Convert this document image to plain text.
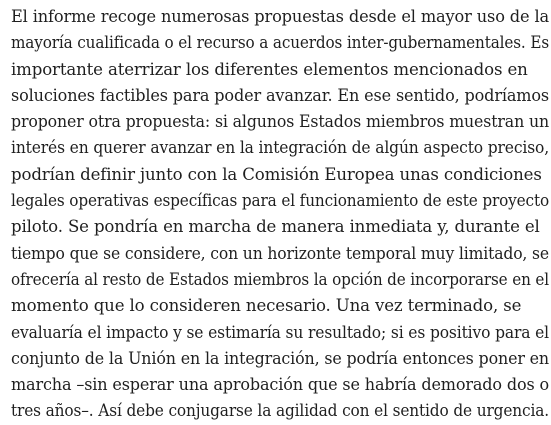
El informe recoge numerosas propuestas desde el mayor uso de la
mayoría cualificada o el recurso a acuerdos inter-gubernamentales. Es
importante aterrizar los diferentes elementos mencionados en
soluciones factibles para poder avanzar. En ese sentido, podríamos
proponer otra propuesta: si algunos Estados miembros muestran un
interés en querer avanzar en la integración de algún aspecto preciso,
podrían definir junto con la Comisión Europea unas condiciones
legales operativas específicas para el funcionamiento de este proyecto
piloto. Se pondría en marcha de manera inmediata y, durante el
tiempo que se considere, con un horizonte temporal muy limitado, se
ofrecería al resto de Estados miembros la opción de incorporarse en el
momento que lo consideren necesario. Una vez terminado, se
evaluaría el impacto y se estimaría su resultado; si es positivo para el
conjunto de la Unión en la integración, se podría entonces poner en
marcha –sin esperar una aprobación que se habría demorado dos o
tres años–. Así debe conjugarse la agilidad con el sentido de urgencia.
